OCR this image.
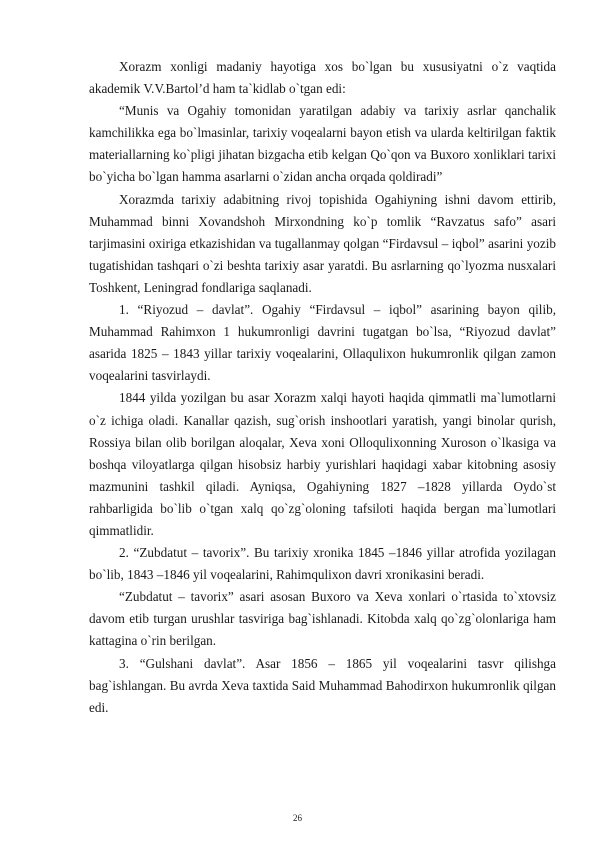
Xorazm xonligi madaniy hayotiga xos bo`lgan bu xususiyatni o`z vaqtida akademik V.V.Bartol’d ham ta`kidlab o`tgan edi:

“Munis va Ogahiy tomonidan yaratilgan adabiy va tarixiy asrlar qanchalik kamchilikka ega bo`lmasinlar, tarixiy voqealarni bayon etish va ularda keltirilgan faktik materiallarning ko`pligi jihatan bizgacha etib kelgan Qo`qon va Buxoro xonliklari tarixi bo`yicha bo`lgan hamma asarlarni o`zidan ancha orqada qoldiradi”

Xorazmda tarixiy adabitning rivoj topishida Ogahiyning ishni davom ettirib, Muhammad binni Xovandshoh Mirxondning ko`p tomlik “Ravzatus safo” asari tarjimasini oxiriga etkazishidan va tugallanmay qolgan “Firdavsul – iqbol” asarini yozib tugatishidan tashqari o`zi beshta tarixiy asar yaratdi. Bu asrlarning qo`lyozma nusxalari Toshkent, Leningrad fondlariga saqlanadi.

1. “Riyozud – davlat”. Ogahiy “Firdavsul – iqbol” asarining bayon qilib, Muhammad Rahimxon 1 hukumronligi davrini tugatgan bo`lsa, “Riyozud davlat” asarida 1825 – 1843 yillar tarixiy voqealarini, Ollaqulixon hukumronlik qilgan zamon voqealarini tasvirlaydi.

1844 yilda yozilgan bu asar Xorazm xalqi hayoti haqida qimmatli ma`lumotlarni o`z ichiga oladi. Kanallar qazish, sug`orish inshootlari yaratish, yangi binolar qurish, Rossiya bilan olib borilgan aloqalar, Xeva xoni Olloqulixonning Xuroson o`lkasiga va boshqa viloyatlarga qilgan hisobsiz harbiy yurishlari haqidagi xabar kitobning asosiy mazmunini tashkil qiladi. Ayniqsa, Ogahiyning 1827 –1828 yillarda Oydo`st rahbarligida bo`lib o`tgan xalq qo`zg`oloning tafsiloti haqida bergan ma`lumotlari qimmatlidir.

2. “Zubdatut – tavorix”. Bu tarixiy xronika 1845 –1846 yillar atrofida yozilagan bo`lib, 1843 –1846 yil voqealarini, Rahimqulixon davri xronikasini beradi.

“Zubdatut – tavorix” asari asosan Buxoro va Xeva xonlari o`rtasida to`xtovsiz davom etib turgan urushlar tasviriga bag`ishlanadi. Kitobda xalq qo`zg`olonlariga ham kattagina o`rin berilgan.

3. “Gulshani davlat”. Asar 1856 – 1865 yil voqealarini tasvr qilishga bag`ishlangan. Bu avrda Xeva taxtida Said Muhammad Bahodirxon hukumronlik qilgan edi.

26
